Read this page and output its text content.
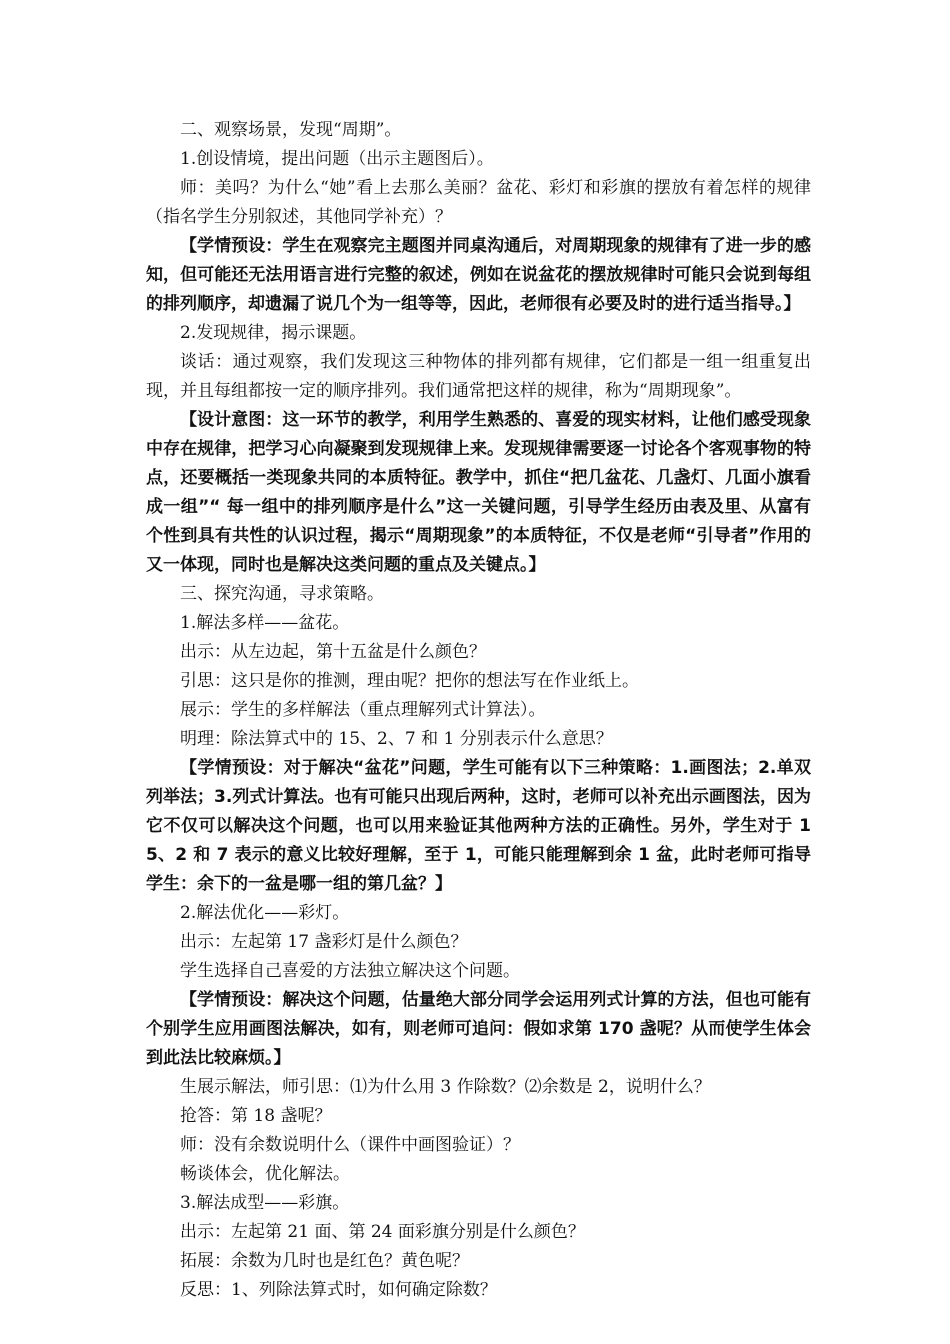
二、观察场景，发现“周期”。

1.创设情境，提出问题（出示主题图后）。

师：美吗？为什么“她”看上去那么美丽？盆花、彩灯和彩旗的摆放有着怎样的规律（指名学生分别叙述，其他同学补充）？

【学情预设：学生在观察完主题图并同桌沟通后，对周期现象的规律有了进一步的感知，但可能还无法用语言进行完整的叙述，例如在说盆花的摆放规律时可能只会说到每组的排列顺序，却遗漏了说几个为一组等等，因此，老师很有必要及时的进行适当指导。】

2.发现规律，揭示课题。

谈话：通过观察，我们发现这三种物体的排列都有规律，它们都是一组一组重复出现，并且每组都按一定的顺序排列。我们通常把这样的规律，称为“周期现象”。

【设计意图：这一环节的教学，利用学生熟悉的、喜爱的现实材料，让他们感受现象中存在规律，把学习心向凝聚到发现规律上来。发现规律需要逐一讨论各个客观事物的特点，还要概括一类现象共同的本质特征。教学中，抓住“把几盆花、几盏灯、几面小旗看成一组”“ 每一组中的排列顺序是什么”这一关键问题，引导学生经历由表及里、从富有个性到具有共性的认识过程，揭示“周期现象”的本质特征，不仅是老师“引导者”作用的又一体现，同时也是解决这类问题的重点及关键点。】

三、探究沟通，寻求策略。

1.解法多样——盆花。

出示：从左边起，第十五盆是什么颜色？

引思：这只是你的推测，理由呢？把你的想法写在作业纸上。

展示：学生的多样解法（重点理解列式计算法）。

明理：除法算式中的 15、2、7 和 1 分别表示什么意思？

【学情预设：对于解决“盆花”问题，学生可能有以下三种策略：1.画图法；2.单双列举法；3.列式计算法。也有可能只出现后两种，这时，老师可以补充出示画图法，因为它不仅可以解决这个问题，也可以用来验证其他两种方法的正确性。另外，学生对于 15、2 和 7 表示的意义比较好理解，至于 1，可能只能理解到余 1 盆，此时老师可指导学生：余下的一盆是哪一组的第几盆？】

2.解法优化——彩灯。

出示：左起第 17 盏彩灯是什么颜色？

学生选择自己喜爱的方法独立解决这个问题。

【学情预设：解决这个问题，估量绝大部分同学会运用列式计算的方法，但也可能有个别学生应用画图法解决，如有，则老师可追问：假如求第 170 盏呢？从而使学生体会到此法比较麻烦。】

生展示解法，师引思：⑴为什么用 3 作除数？⑵余数是 2，说明什么？

抢答：第 18 盏呢？

师：没有余数说明什么（课件中画图验证）？

畅谈体会，优化解法。

3.解法成型——彩旗。

出示：左起第 21 面、第 24 面彩旗分别是什么颜色？

拓展：余数为几时也是红色？黄色呢？

反思：1、列除法算式时，如何确定除数？
